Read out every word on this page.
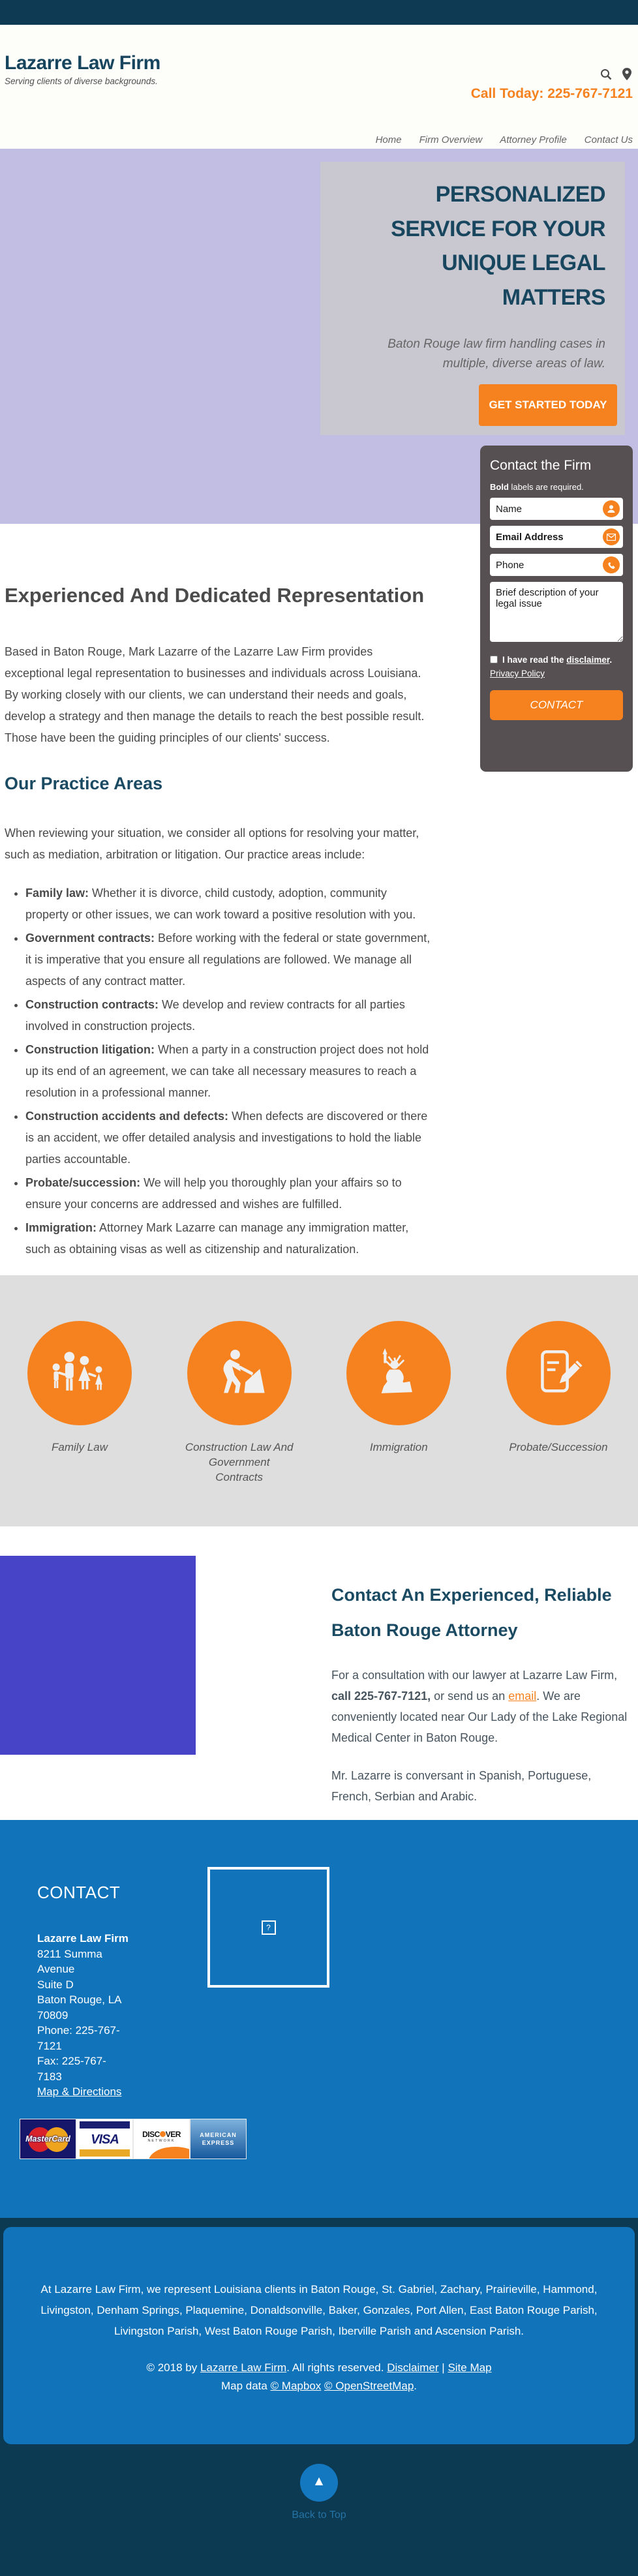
Lazarre Law Firm
Serving clients of diverse backgrounds.
Call Today: 225-767-7121
Home Firm Overview Attorney Profile Contact Us
PERSONALIZED SERVICE FOR YOUR UNIQUE LEGAL MATTERS
Baton Rouge law firm handling cases in multiple, diverse areas of law.
GET STARTED TODAY
Contact the Firm
Bold labels are required.
Name
Email Address
Phone
Brief description of your legal issue
I have read the disclaimer.
Privacy Policy
CONTACT
Experienced And Dedicated Representation

Based in Baton Rouge, Mark Lazarre of the Lazarre Law Firm provides exceptional legal representation to businesses and individuals across Louisiana. By working closely with our clients, we can understand their needs and goals, develop a strategy and then manage the details to reach the best possible result. Those have been the guiding principles of our clients' success.

Our Practice Areas

When reviewing your situation, we consider all options for resolving your matter, such as mediation, arbitration or litigation. Our practice areas include:

• Family law: Whether it is divorce, child custody, adoption, community property or other issues, we can work toward a positive resolution with you.
• Government contracts: Before working with the federal or state government, it is imperative that you ensure all regulations are followed. We manage all aspects of any contract matter.
• Construction contracts: We develop and review contracts for all parties involved in construction projects.
• Construction litigation: When a party in a construction project does not hold up its end of an agreement, we can take all necessary measures to reach a resolution in a professional manner.
• Construction accidents and defects: When defects are discovered or there is an accident, we offer detailed analysis and investigations to hold the liable parties accountable.
• Probate/succession: We will help you thoroughly plan your affairs so to ensure your concerns are addressed and wishes are fulfilled.
• Immigration: Attorney Mark Lazarre can manage any immigration matter, such as obtaining visas as well as citizenship and naturalization.
Family Law	Construction Law And Government Contracts
Immigration	Probate/Succession
Contact An Experienced, Reliable Baton Rouge Attorney

For a consultation with our lawyer at Lazarre Law Firm, call 225-767-7121, or send us an email. We are conveniently located near Our Lady of the Lake Regional Medical Center in Baton Rouge.

Mr. Lazarre is conversant in Spanish, Portuguese, French, Serbian and Arabic.

CONTACT
Lazarre Law Firm
8211 Summa Avenue
Suite D
Baton Rouge, LA 70809
Phone: 225-767-7121
Fax: 225-767-7183
Map & Directions
?
MasterCard	VISA	DISC VER
NETWORK
AMERICAN
EXPRESS
At Lazarre Law Firm, we represent Louisiana clients in Baton Rouge, St. Gabriel, Zachary, Prairieville, Hammond, Livingston, Denham Springs, Plaquemine, Donaldsonville, Baker, Gonzales, Port Allen, East Baton Rouge Parish, Livingston Parish, West Baton Rouge Parish, Iberville Parish and Ascension Parish.
© 2018 by Lazarre Law Firm. All rights reserved. Disclaimer | Site Map
Map data © Mapbox © OpenStreetMap.
▲
Back to Top
